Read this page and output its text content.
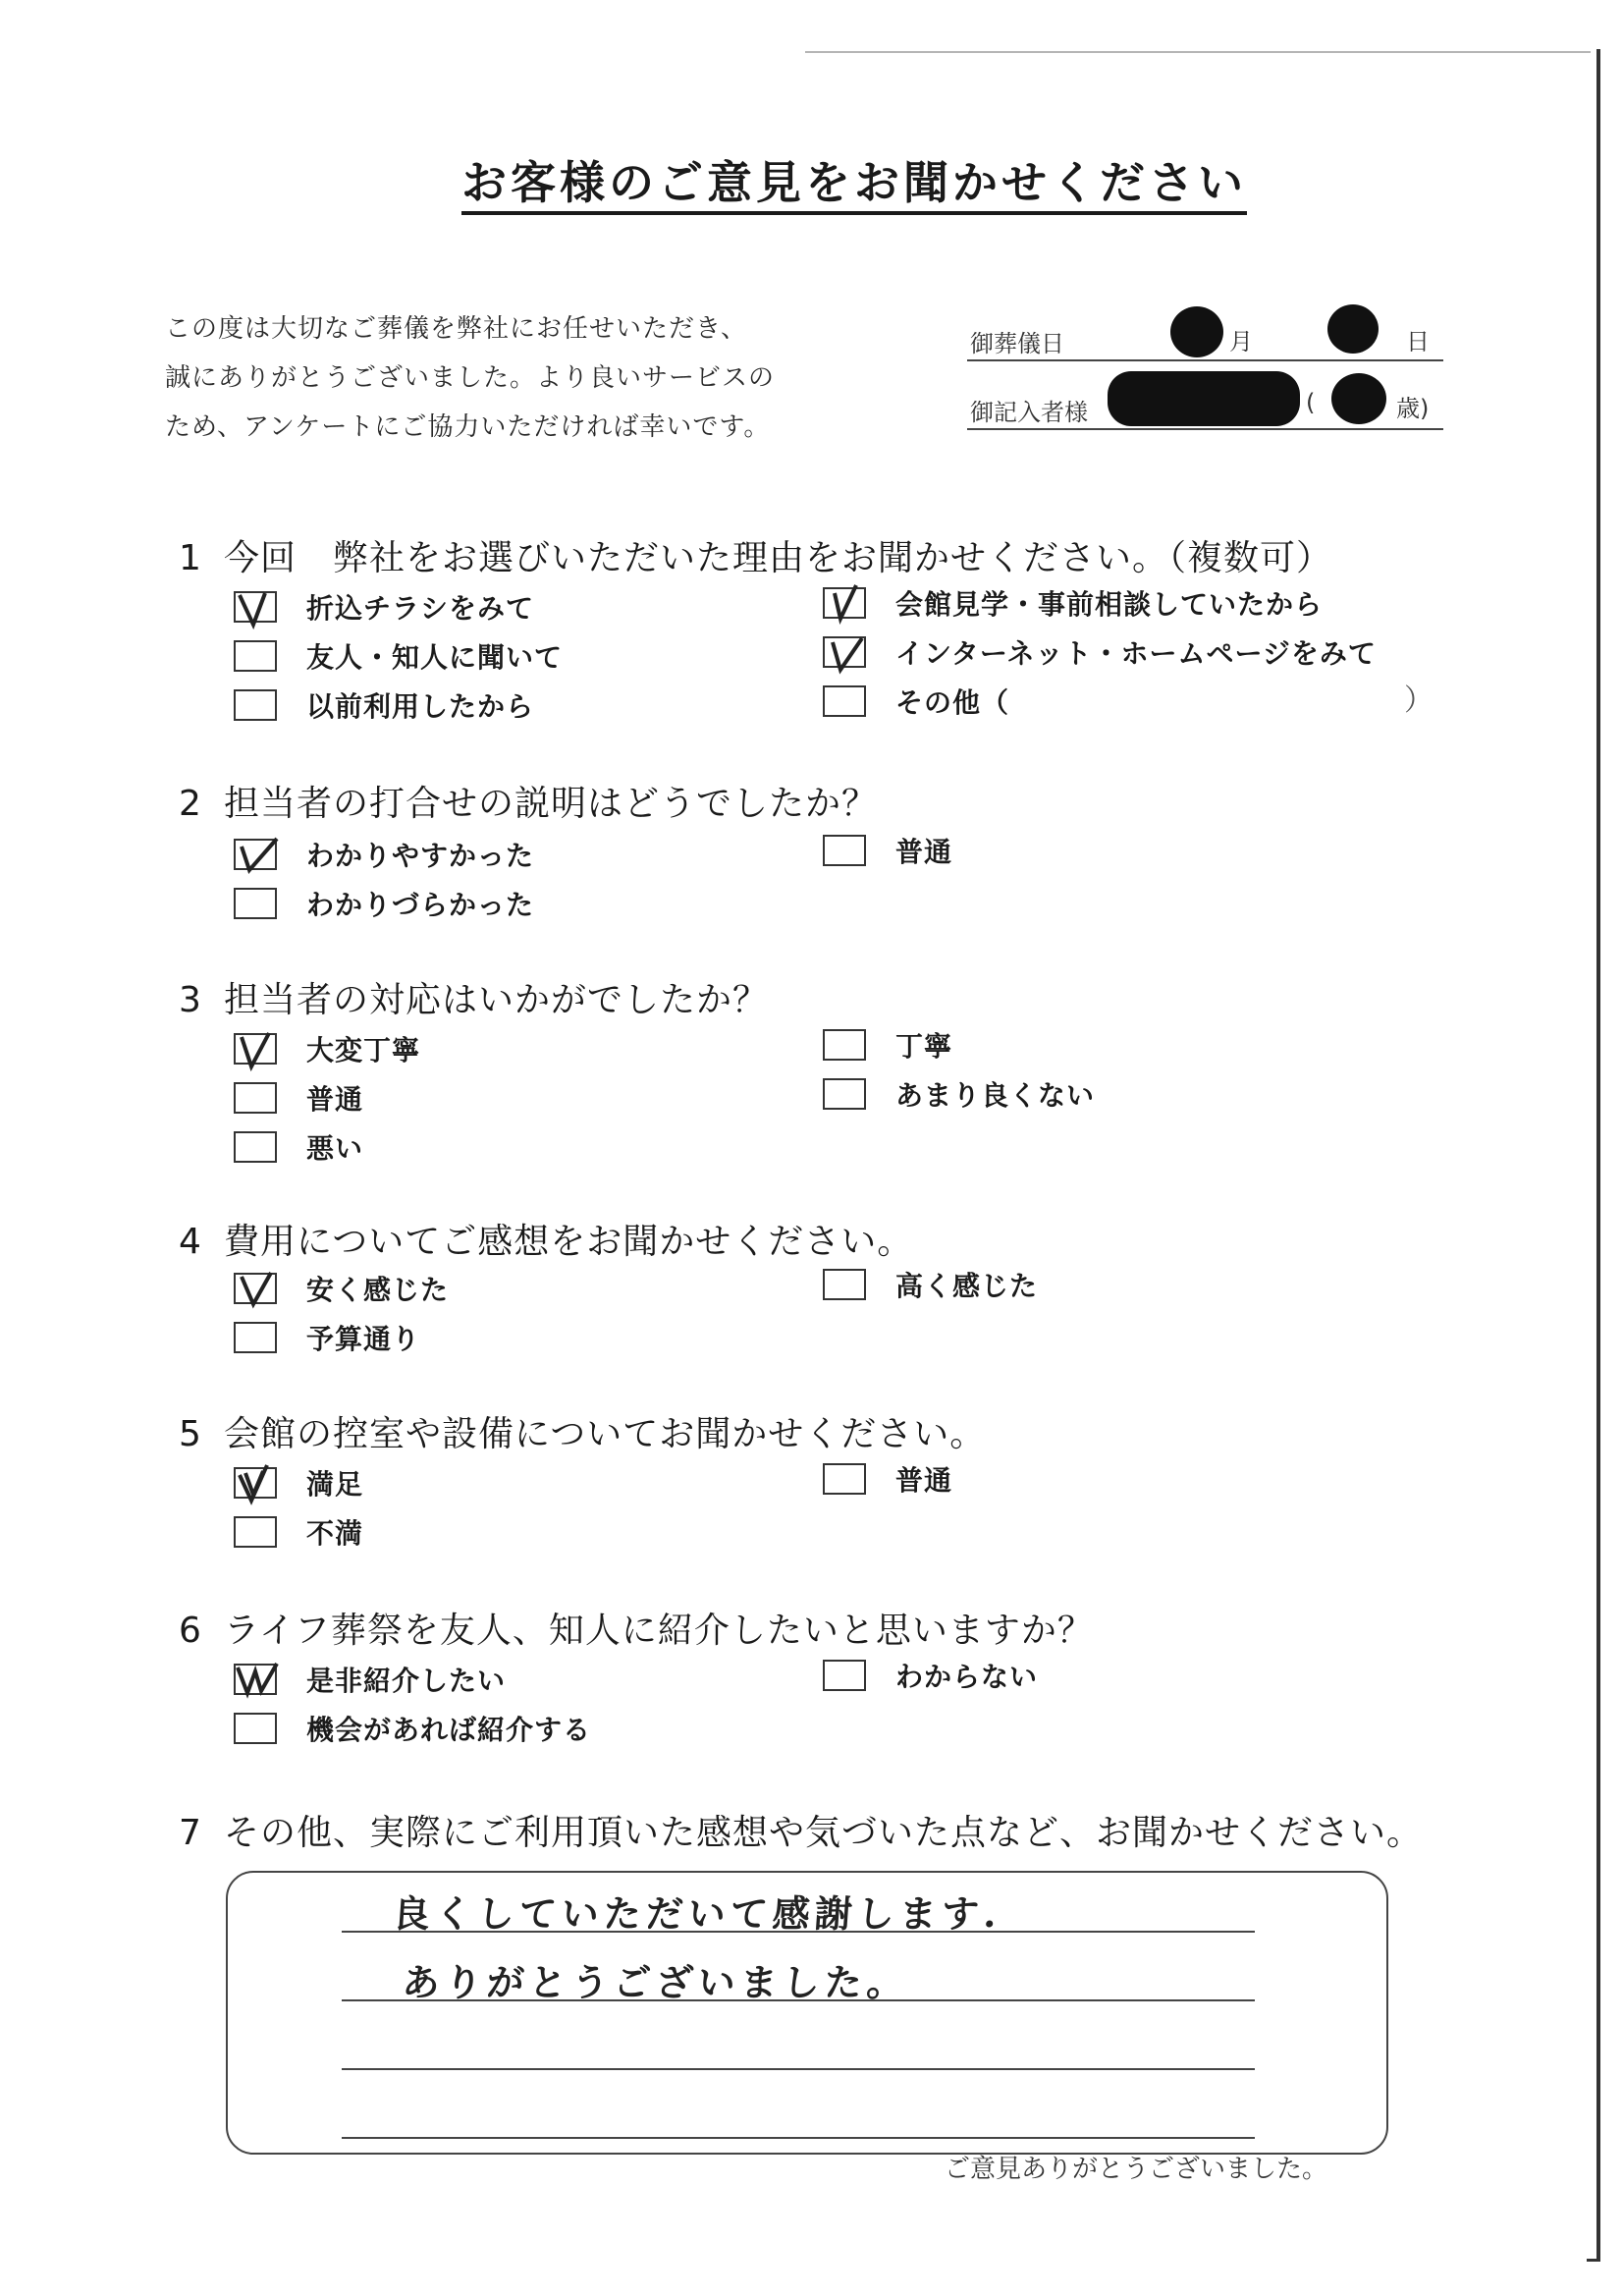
お客様のご意見をお聞かせください
この度は大切なご葬儀を弊社にお任せいただき、
誠にありがとうございました。より良いサービスの
ため、アンケートにご協力いただければ幸いです。
御葬儀日	月	日
御記入者様	(	歳)
1 今回　弊社をお選びいただいた理由をお聞かせください。（複数可）
折込チラシをみて	会館見学・事前相談していたから
友人・知人に聞いて	インターネット・ホームページをみて
以前利用したから	その他（	）
2 担当者の打合せの説明はどうでしたか？
わかりやすかった	普通
わかりづらかった
3 担当者の対応はいかがでしたか？
大変丁寧	丁寧
普通	あまり良くない
悪い
4 費用についてご感想をお聞かせください。
安く感じた	高く感じた
予算通り
5 会館の控室や設備についてお聞かせください。
満足	普通
不満
6 ライフ葬祭を友人、知人に紹介したいと思いますか？
是非紹介したい	わからない
機会があれば紹介する
7 その他、実際にご利用頂いた感想や気づいた点など、お聞かせください。
良くしていただいて感謝します.
ありがとうございました。
ご意見ありがとうございました。
